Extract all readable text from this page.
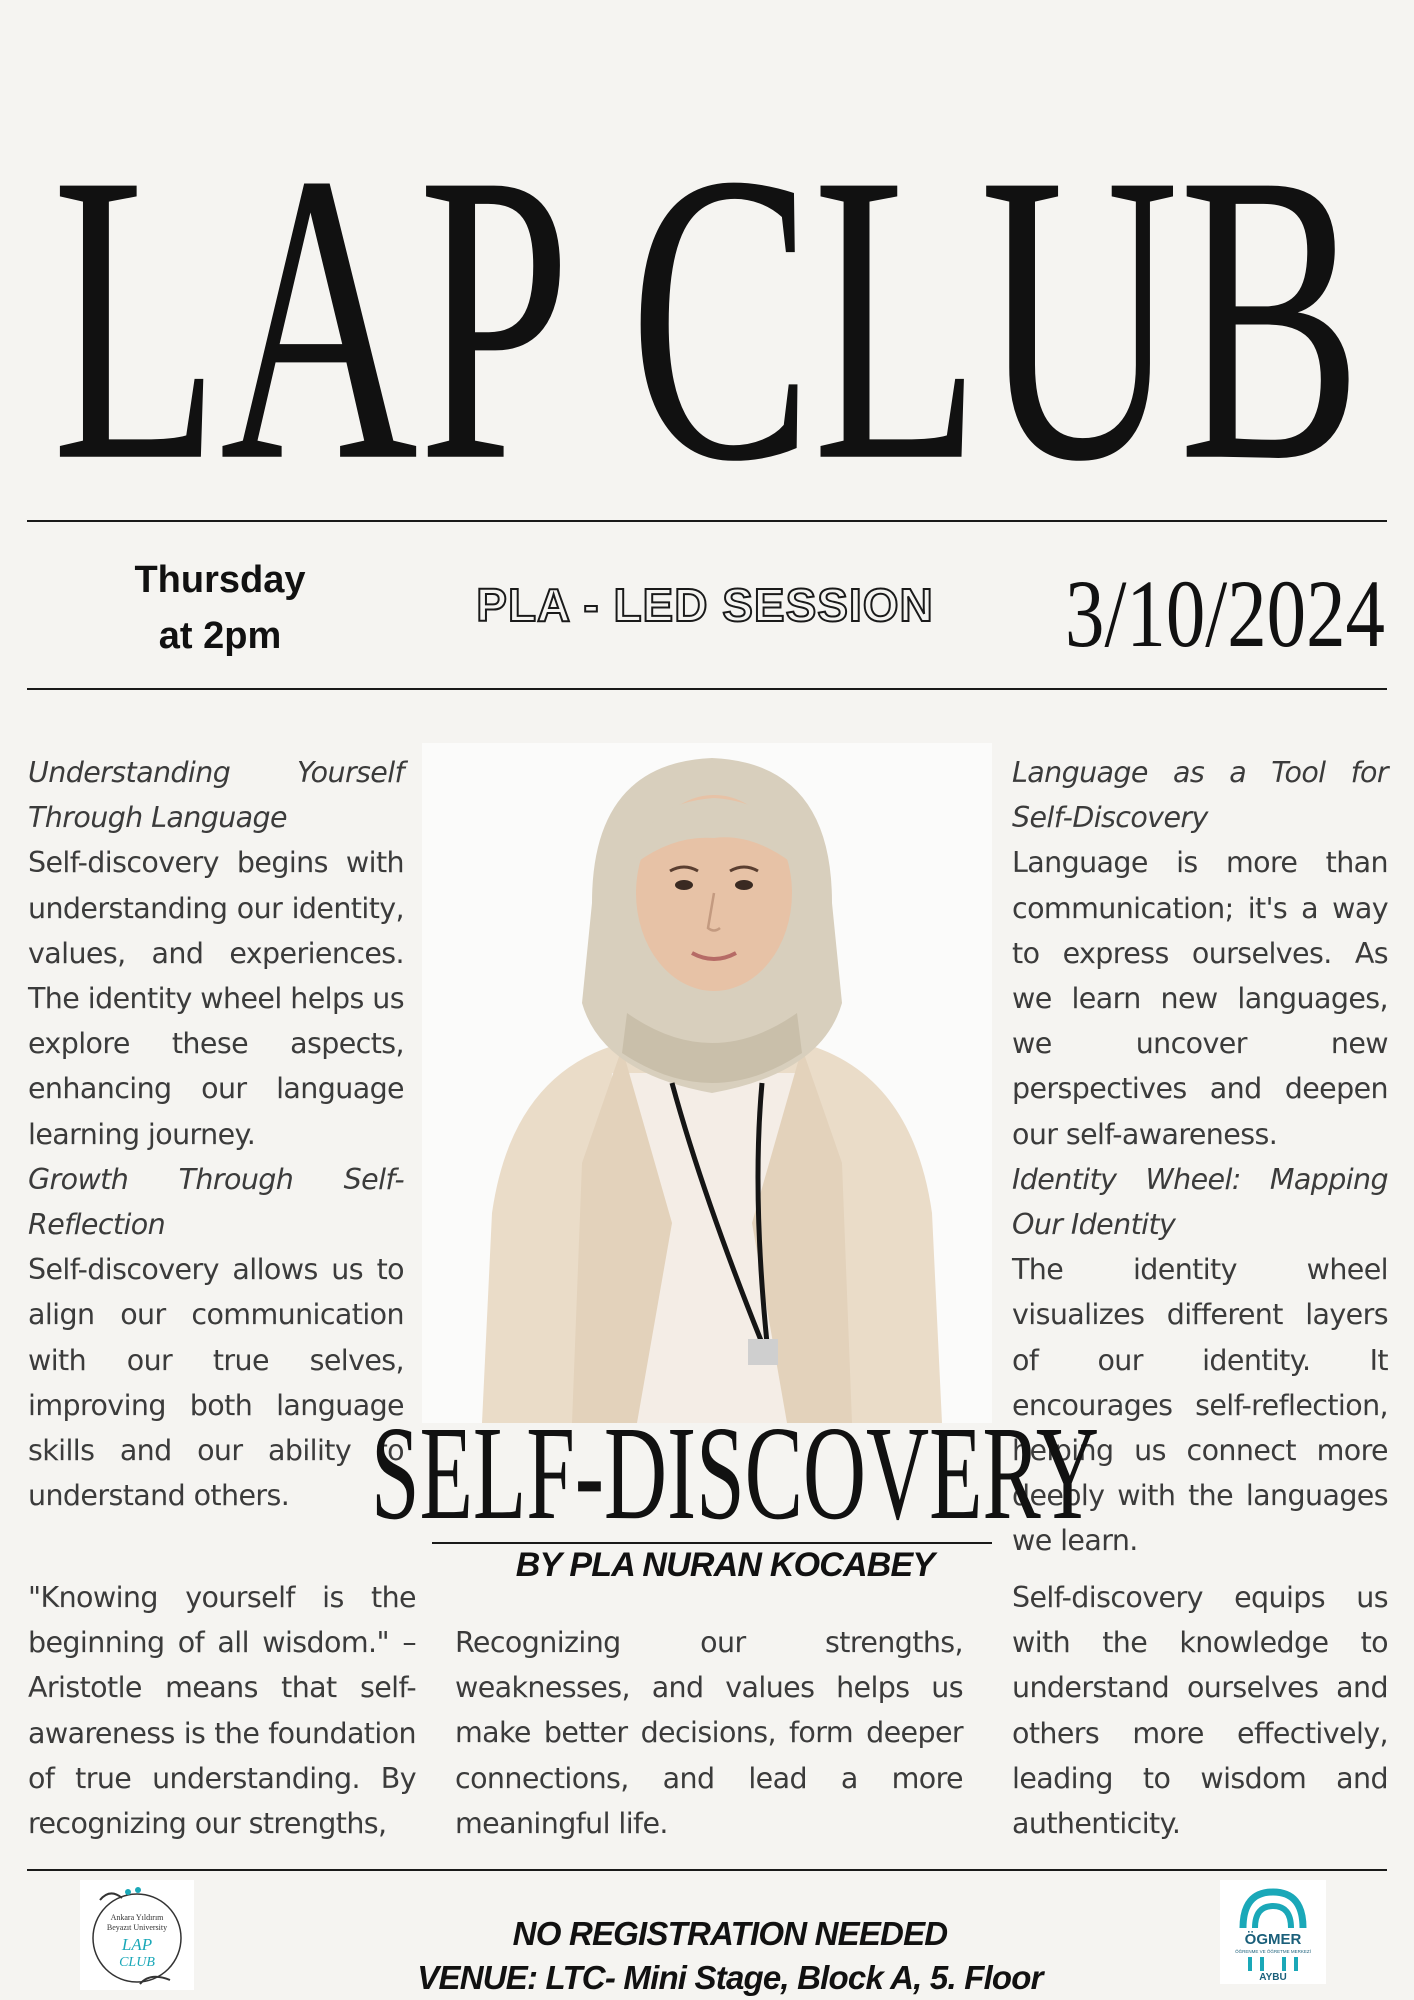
LAP CLUB
Thursday
at 2pm
PLA - LED SESSION 3/10/2024

Understanding Yourself Through Language

Self-discovery begins with understanding our identity, values, and experiences. The identity wheel helps us explore these aspects, enhancing our language learning journey.

Growth Through Self-Reflection

Self-discovery allows us to align our communication with our true selves, improving both language skills and our ability to understand others.

Language as a Tool for Self-Discovery

Language is more than communication; it's a way to express ourselves. As we learn new languages, we uncover new perspectives and deepen our self-awareness.

Identity Wheel: Mapping Our Identity

The identity wheel visualizes different layers of our identity. It encourages self-reflection, helping us connect more deeply with the languages we learn.

SELF-DISCOVERY
BY PLA NURAN KOCABEY
"Knowing yourself is the beginning of all wisdom." – Aristotle means that self-awareness is the foundation of true understanding. By recognizing our strengths,
Recognizing our strengths, weaknesses, and values helps us make better decisions, form deeper connections, and lead a more meaningful life.
Self-discovery equips us with the knowledge to understand ourselves and others more effectively, leading to wisdom and authenticity.
Ankara Yıldırım
Beyazıt University
LAP
CLUB
NO REGISTRATION NEEDED
VENUE: LTC- Mini Stage, Block A, 5. Floor
ÖGMER
ÖĞRENME VE ÖĞRETME MERKEZİ
AYBU
